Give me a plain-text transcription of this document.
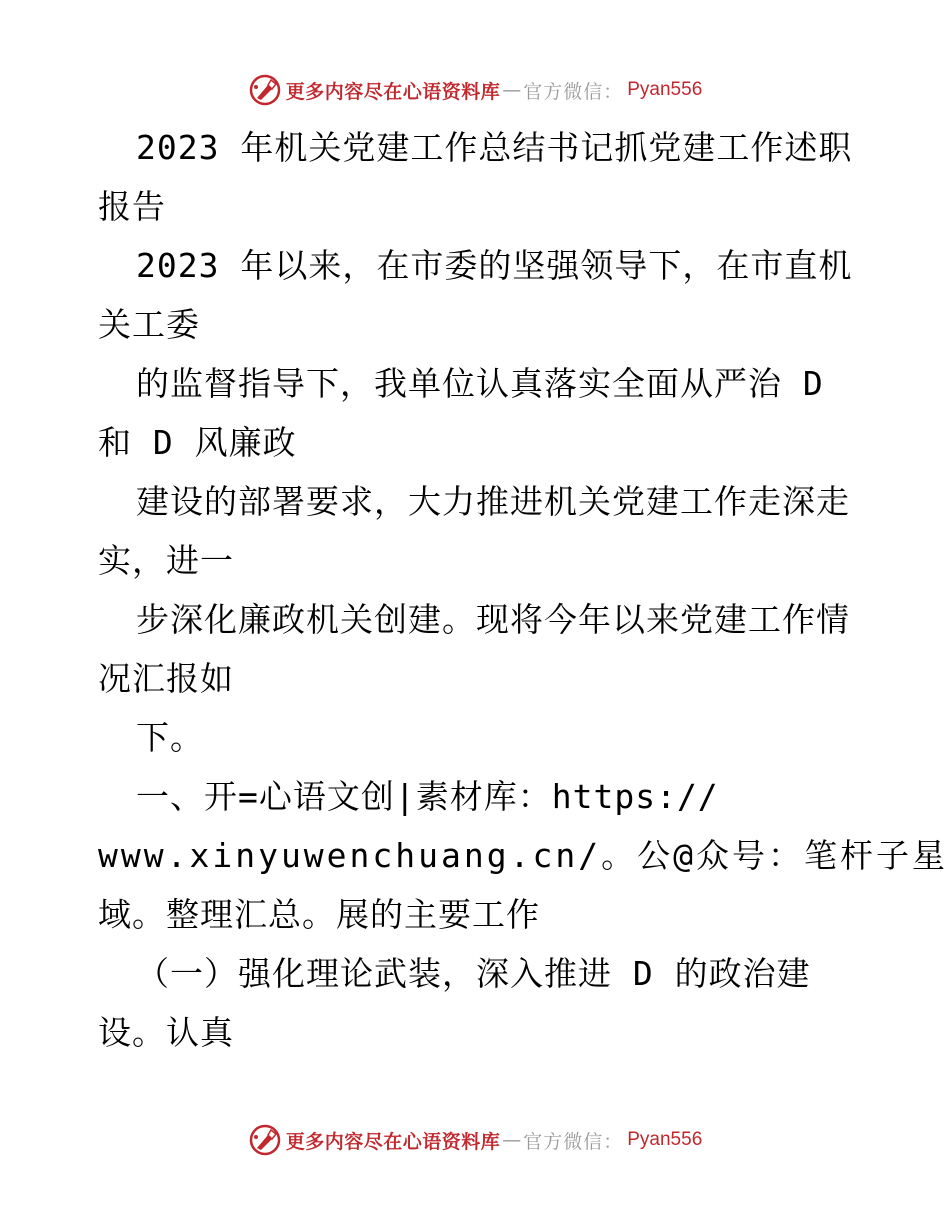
更多内容尽在心语资料库 — 官方微信： Pyan556
2023 年机关党建工作总结书记抓党建工作述职
报告
2023 年以来，在市委的坚强领导下，在市直机
关工委
的监督指导下，我单位认真落实全面从严治 D
和 D 风廉政
建设的部署要求，大力推进机关党建工作走深走
实，进一
步深化廉政机关创建。现将今年以来党建工作情
况汇报如
下。
一、开=心语文创|素材库：https://
www.xinyuwenchuang.cn/。公@众号：笔杆子星
域。整理汇总。展的主要工作
（一）强化理论武装，深入推进 D 的政治建
设。认真
更多内容尽在心语资料库 — 官方微信： Pyan556
